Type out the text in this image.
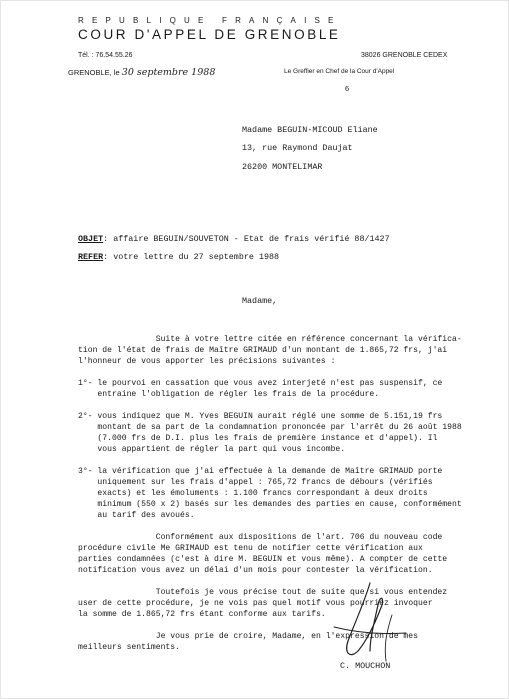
REPUBLIQUE FRANÇAISE
COUR D'APPEL DE GRENOBLE
Tél. : 76.54.55.26	38026 GRENOBLE CEDEX
GRENOBLE, le 30 septembre 1988	Le Greffier en Chef de la Cour d'Appel
6
Madame BEGUIN-MICOUD Eliane
13, rue Raymond Daujat
26200 MONTELIMAR
OBJET: affaire BEGUIN/SOUVETON - Etat de frais vérifié 88/1427
REFER: votre lettre du 27 septembre 1988
Madame,
Suite à votre lettre citée en référence concernant la vérifica-
tion de l'état de frais de Maître GRIMAUD d'un montant de 1.865,72 frs, j'ai
l'honneur de vous apporter les précisions suivantes :
1°- le pourvoi en cassation que vous avez interjeté n'est pas suspensif, ce
entraine l'obligation de régler les frais de la procédure.
2°- vous indiquez que M. Yves BEGUIN aurait réglé une somme de 5.151,19 frs
montant de sa part de la condamnation prononcée par l'arrêt du 26 août 1988
(7.000 frs de D.I. plus les frais de première instance et d'appel). Il
vous appartient de régler la part qui vous incombe.
3°- la vérification que j'ai effectuée à la demande de Maître GRIMAUD porte
uniquement sur les frais d'appel : 765,72 francs de débours (vérifiés
exacts) et les émoluments : 1.100 francs correspondant à deux droits
minimum (550 x 2) basés sur les demandes des parties en cause, conformément
au tarif des avoués.
Conformément aux dispositions de l'art. 706 du nouveau code
procédure civile Me GRIMAUD est tenu de notifier cette vérification aux
parties condamnées (c'est à dire M. BEGUIN et vous même). A compter de cette
notification vous avez un délai d'un mois pour contester la vérification.
Toutefois je vous précise tout de suite que si vous entendez
user de cette procédure, je ne vois pas quel motif vous pourriez invoquer
la somme de 1.865,72 frs étant conforme aux tarifs.
Je vous prie de croire, Madame, en l'expression de mes
meilleurs sentiments.
C. MOUCHON
